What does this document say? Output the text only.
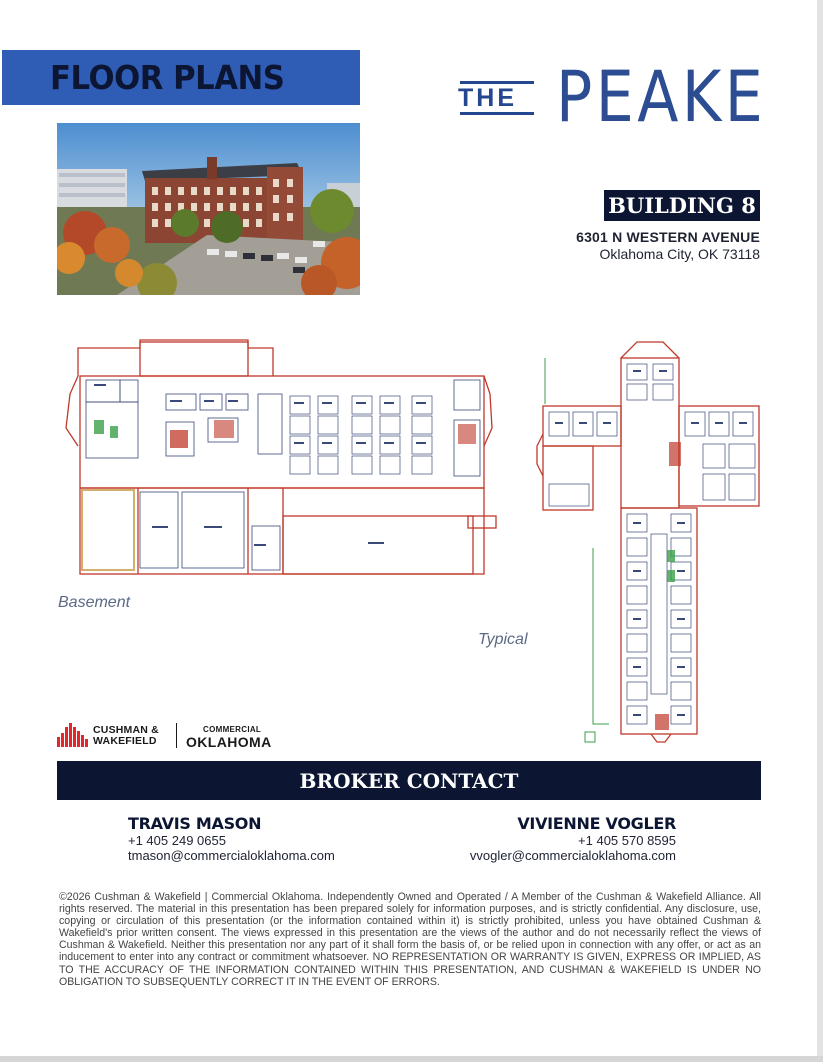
FLOOR PLANS
THE PEAKE
BUILDING 8
6301 N WESTERN AVENUE
Oklahoma City, OK 73118
Basement
Typical
CUSHMAN &
WAKEFIELD
COMMERCIAL
OKLAHOMA
BROKER CONTACT
TRAVIS MASON
+1 405 249 0655
tmason@commercialoklahoma.com
VIVIENNE VOGLER
+1 405 570 8595
vvogler@commercialoklahoma.com
©2026 Cushman & Wakefield | Commercial Oklahoma. Independently Owned and Operated / A Member of the Cushman & Wakefield Alliance. All rights reserved. The material in this presentation has been prepared solely for information purposes, and is strictly confidential. Any disclosure, use, copying or circulation of this presentation (or the information contained within it) is strictly prohibited, unless you have obtained Cushman & Wakefield's prior written consent. The views expressed in this presentation are the views of the author and do not necessarily reflect the views of Cushman & Wakefield. Neither this presentation nor any part of it shall form the basis of, or be relied upon in connection with any offer, or act as an inducement to enter into any contract or commitment whatsoever. NO REPRESENTATION OR WARRANTY IS GIVEN, EXPRESS OR IMPLIED, AS TO THE ACCURACY OF THE INFORMATION CONTAINED WITHIN THIS PRESENTATION, AND CUSHMAN & WAKEFIELD IS UNDER NO OBLIGATION TO SUBSEQUENTLY CORRECT IT IN THE EVENT OF ERRORS.
